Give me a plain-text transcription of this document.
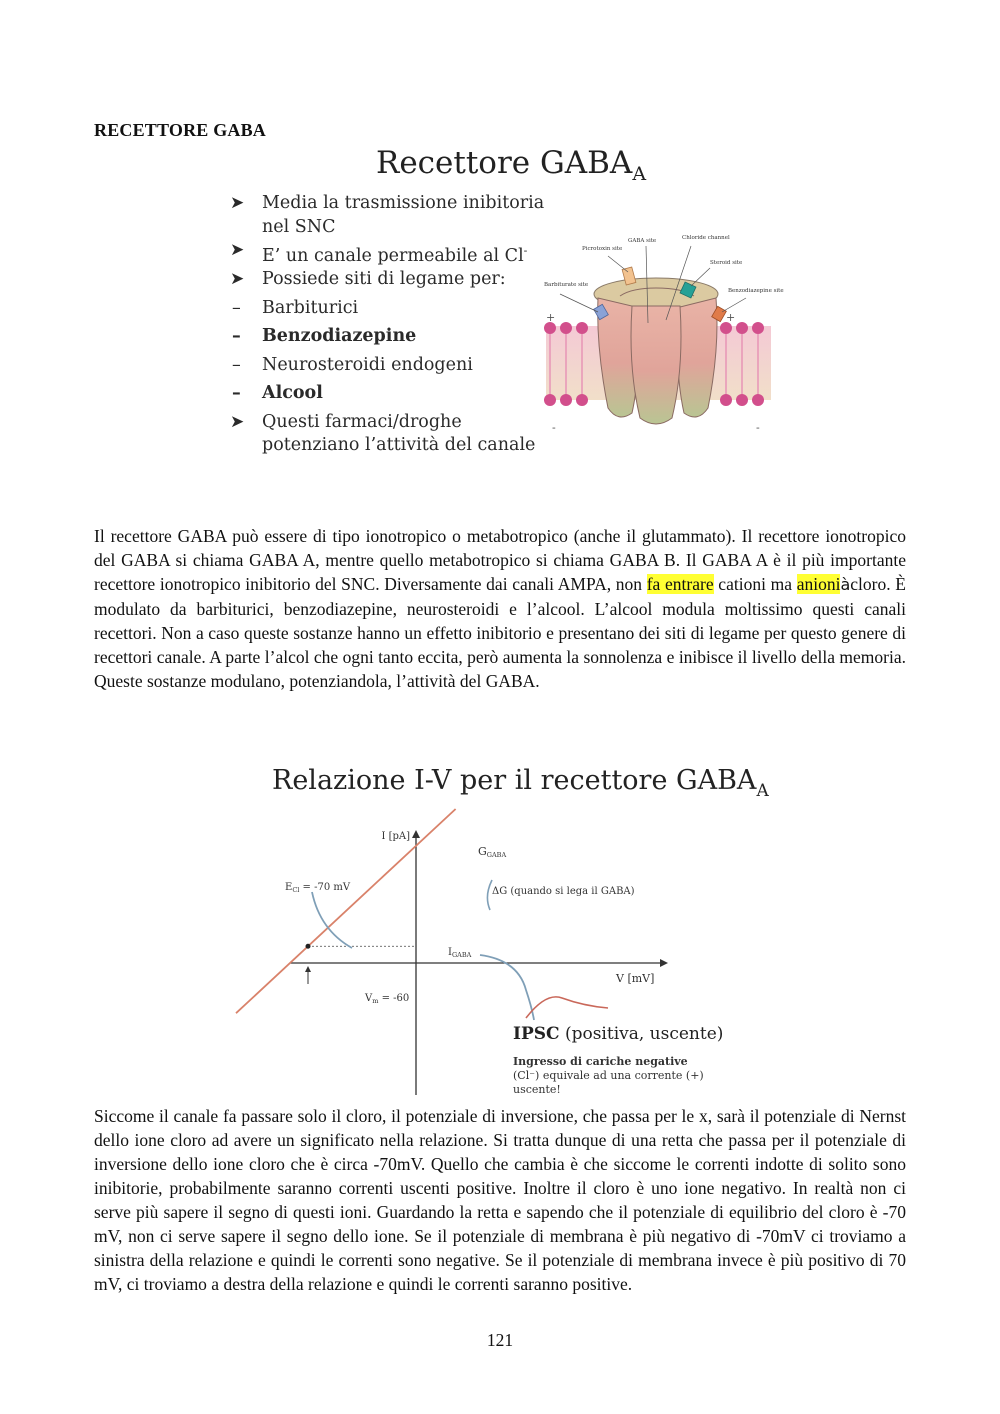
RECETTORE GABA
Recettore $GABA_A$
➤ Media la trasmissione inibitoria nel SNC
➤ E’ un canale permeabile al Cl-
➤ Possiede siti di legame per:
– Barbiturici
– Benzodiazepine
– Neurosteroidi endogeni
– Alcool
➤ Questi farmaci/droghe potenziano l’attività del canale
Picrotoxin site
GABA site	Chloride channel
Steroid site
Barbiturate site
Benzodiazepine site
+	+
-	-
Il recettore GABA può essere di tipo ionotropico o metabotropico (anche il glutammato). Il recettore ionotropico del GABA si chiama GABA A, mentre quello metabotropico si chiama GABA B. Il GABA A è il più importante recettore ionotropico inibitorio del SNC. Diversamente dai canali AMPA, non fa entrare cationi ma anioniàcloro. È modulato da barbiturici, benzodiazepine, neurosteroidi e l’alcool. L’alcool modula moltissimo questi canali recettori. Non a caso queste sostanze hanno un effetto inibitorio e presentano dei siti di legame per questo genere di recettori canale. A parte l’alcol che ogni tanto eccita, però aumenta la sonnolenza e inibisce il livello della memoria. Queste sostanze modulano, potenziandola, l’attività del GABA.
Relazione I-V per il recettore $GABA_A$
I [pA]
V [mV]
GGABA
ΔG (quando si lega il GABA)
$E_{Cl} = -70$ mV
$I_{GABA}$
$V_m = -60$
IPSC (positiva, uscente)
Ingresso di cariche negative
(Cl⁻) equivale ad una corrente (+) uscente!
Siccome il canale fa passare solo il cloro, il potenziale di inversione, che passa per le x, sarà il potenziale di Nernst dello ione cloro ad avere un significato nella relazione. Si tratta dunque di una retta che passa per il potenziale di inversione dello ione cloro che è circa -70mV. Quello che cambia è che siccome le correnti indotte di solito sono inibitorie, probabilmente saranno correnti uscenti positive. Inoltre il cloro è uno ione negativo. In realtà non ci serve più sapere il segno di questi ioni. Guardando la retta e sapendo che il potenziale di equilibrio del cloro è -70 mV, non ci serve sapere il segno dello ione. Se il potenziale di membrana è più negativo di -70mV ci troviamo a sinistra della relazione e quindi le correnti sono negative. Se il potenziale di membrana invece è più positivo di 70 mV, ci troviamo a destra della relazione e quindi le correnti saranno positive.
121
